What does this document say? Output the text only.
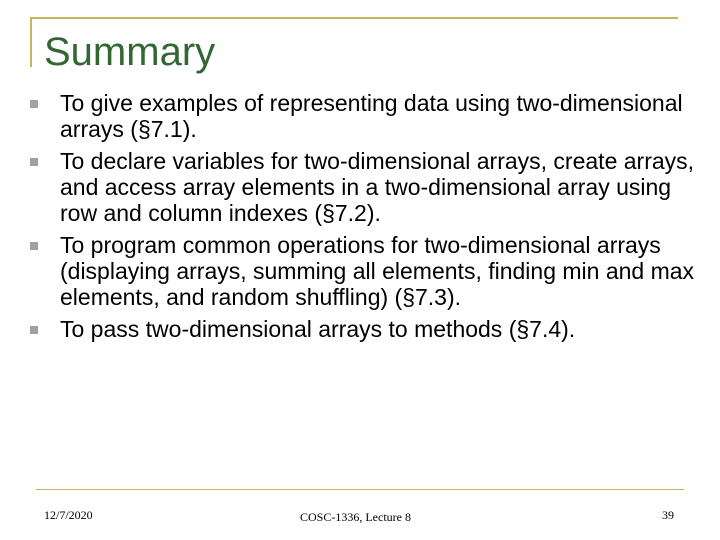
Summary
To give examples of representing data using two-dimensional arrays (§7.1).
To declare variables for two-dimensional arrays, create arrays, and access array elements in a two-dimensional array using row and column indexes (§7.2).
To program common operations for two-dimensional arrays (displaying arrays, summing all elements, finding min and max elements, and random shuffling) (§7.3).
To pass two-dimensional arrays to methods (§7.4).
12/7/2020	COSC-1336, Lecture 8	39
